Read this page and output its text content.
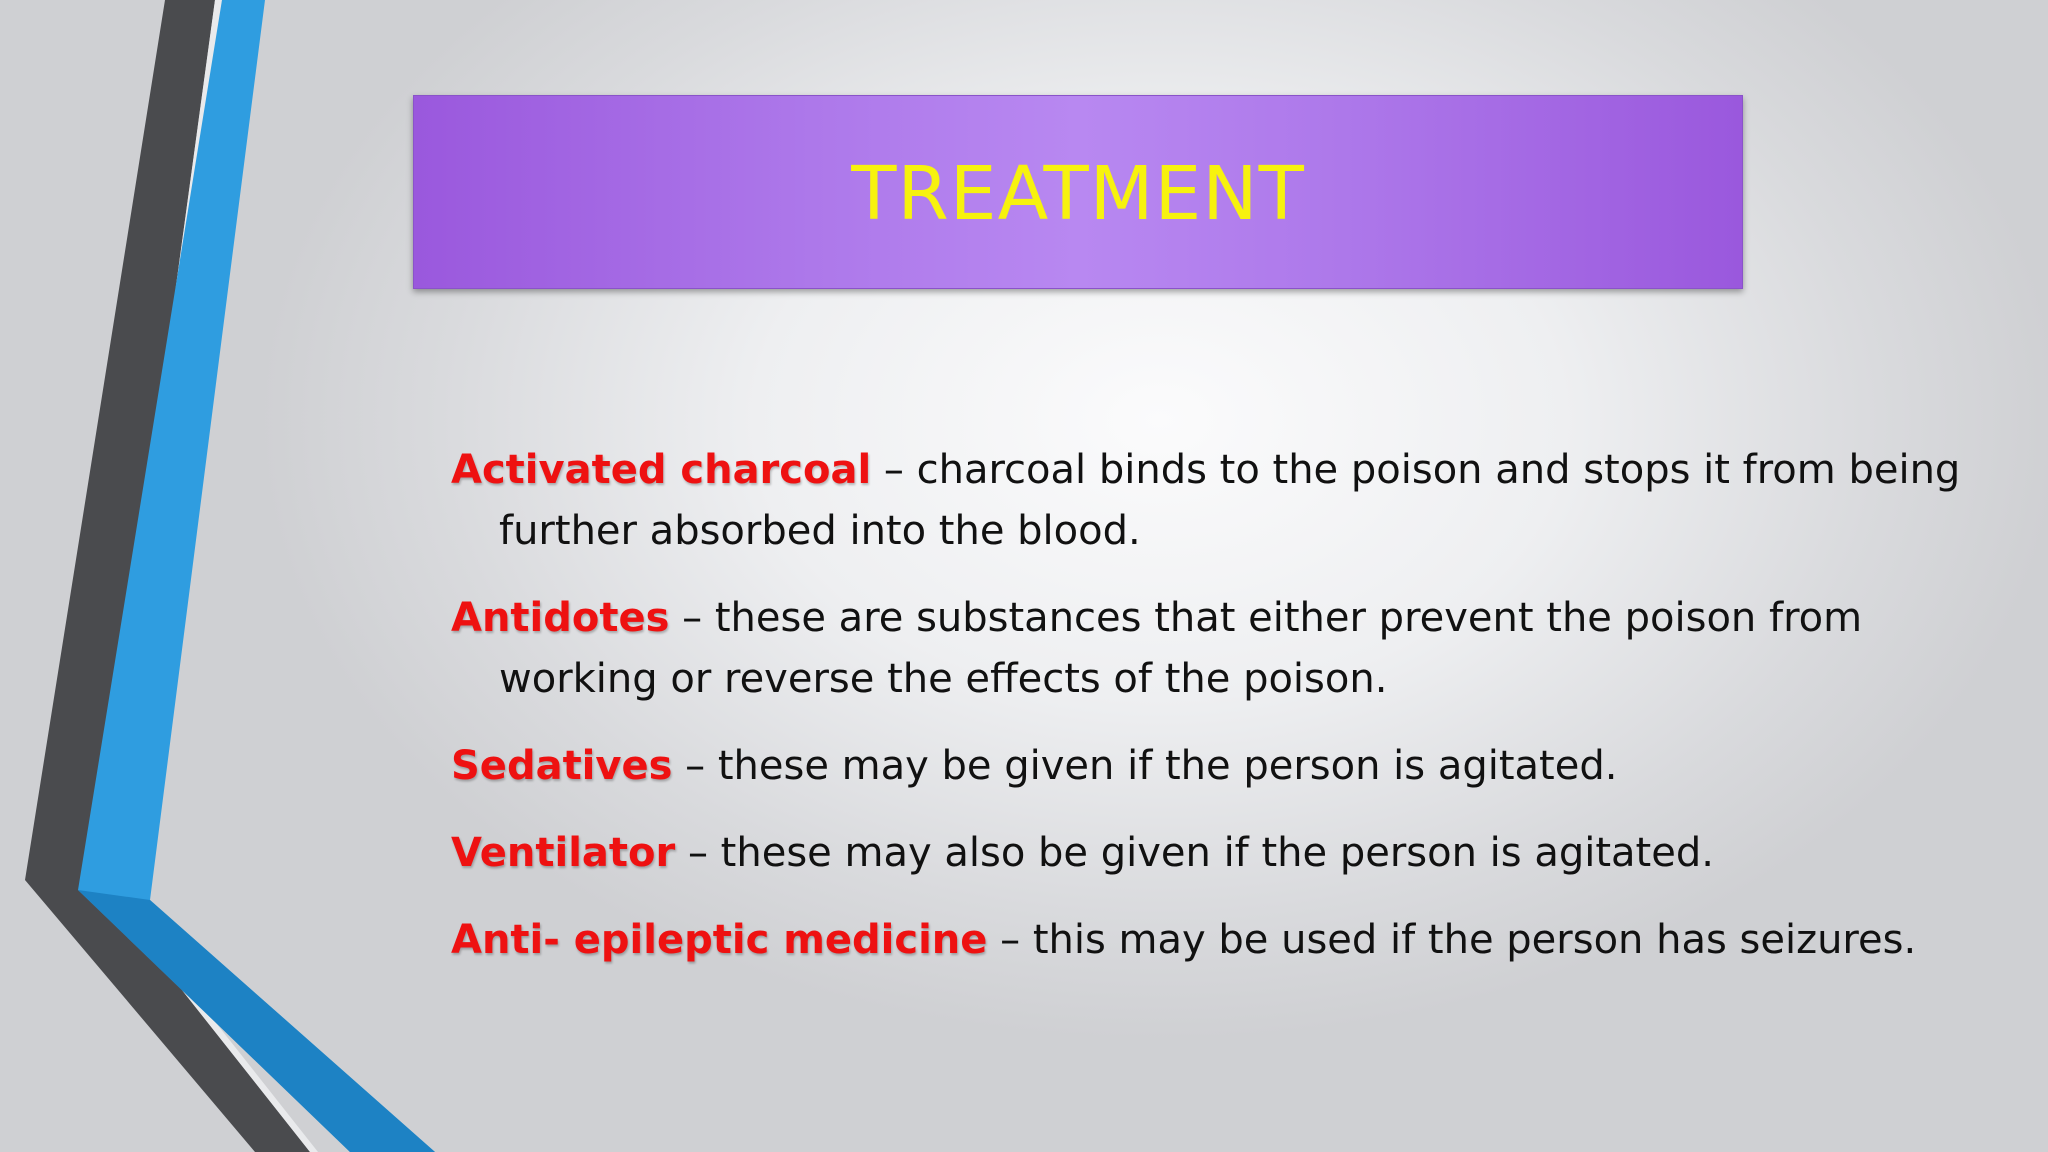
TREATMENT

Activated charcoal – charcoal binds to the poison and stops it from being further absorbed into the blood.

Antidotes – these are substances that either prevent the poison from working or reverse the effects of the poison.

Sedatives – these may be given if the person is agitated.

Ventilator – these may also be given if the person is agitated.

Anti- epileptic medicine – this may be used if the person has seizures.
